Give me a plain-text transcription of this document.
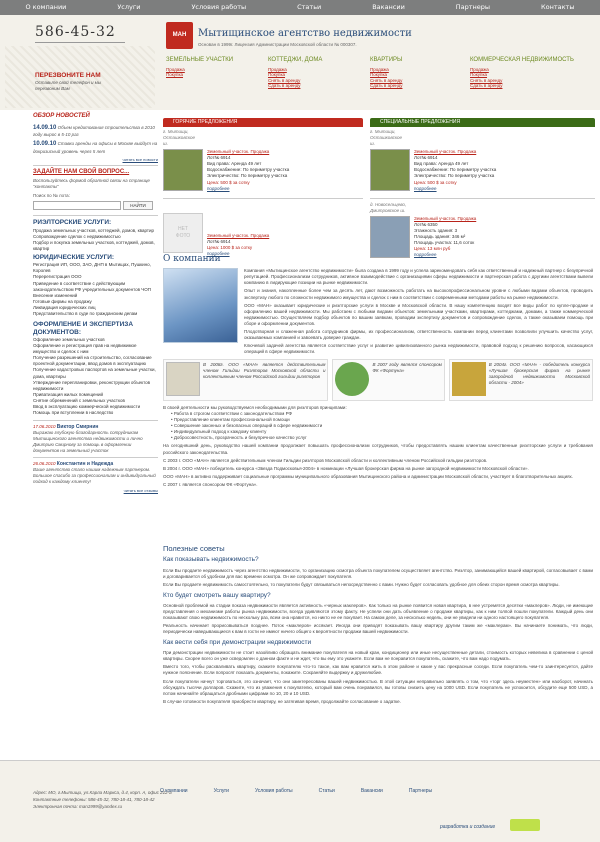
О компании	Услуги	Условия работы	Статьи	Вакансии	Партнеры	Контакты
586-45-32
ПЕРЕЗВОНИТЕ НАМ
Оставьте свой телефон и мы перезвоним Вам
МАН	Мытищинское агентство недвижимости
Основан в 1999г. Лицензия Администрации Московской области № 000307.
ЗЕМЕЛЬНЫЕ УЧАСТКИ
Продажа
Покупка
КОТТЕДЖИ, ДОМА
Продажа
Покупка
Снять в аренду
Сдать в аренду
КВАРТИРЫ
Продажа
Покупка
Снять в аренду
Сдать в аренду
КОММЕРЧЕСКАЯ НЕДВИЖИМОСТЬ
Продажа
Покупка
Снять в аренду
Сдать в аренду
ОБЗОР НОВОСТЕЙ
14.09.10 Объем кредитования строительства в 2010 году вырос в 5-10 раз
10.09.10 Ставки аренды на офисы в Москве выйдут на докризисный уровень через 5 лет
читать все новости
ЗАДАЙТЕ НАМ СВОЙ ВОПРОС...
Воспользуйтесь формой обратной связи на странице "контакты"
Поиск по № лота:
НАЙТИ
РИЭЛТОРСКИЕ УСЛУГИ:
Продажа земельных участков, коттеджей, домов, квартир
Сопровождение сделок с недвижимостью
Подбор и покупка земельных участков, коттеджей, домов, квартир
ЮРИДИЧЕСКИЕ УСЛУГИ:
Регистрация ИП, ООО, ЗАО, ДНП в Мытищах, Пушкино, Королев
Перерегистрация ООО
Приведение в соответствие с действующим законодательством РФ учредительных документов ЧОП
Внесение изменений
Готовые фирмы на продажу
Ликвидация юридических лиц
Представительство в суде по гражданским делам
ОФОРМЛЕНИЕ И ЭКСПЕРТИЗА ДОКУМЕНТОВ:
Оформление земельных участков
Оформление и регистрация прав на недвижимое имущество и сделок с ним
Получение разрешений на строительство, согласование проектной документации, ввод домов в эксплуатацию
Получение кадастровых паспортов на земельные участки, дома, квартиры
Утверждение перепланировки, реконструкции объектов недвижимости
Приватизация жилых помещений
Снятие обременений с земельных участков
Ввод в эксплуатацию коммерческой недвижимости
Помощь при вступлении в наследство
17.06.2010 Виктор Смирнин
Выражаю глубокую благодарность сотрудникам Мытищинского агентства недвижимости и лично Дмитрию Смирнову за помощь в оформлении документов на земельный участок
26.06.2010 Константин и Надежда
Ваше агентство стало нашим надежным партнером. Большое спасибо за профессионализм и индивидуальный подход к каждому клиенту!
читать все отзывы
ГОРЯЧИЕ ПРЕДЛОЖЕНИЯ
г. Мытищи, Осташковское ш.
Земельный участок. Продажа
Лот№ 6914
Вид права: Аренда 49 лет
Водоснабжение: По периметру участка
Электричество: По периметру участка
Цена: 500 $ за сотку
подробнее
НЕТ
ФОТО	Земельный участок. Продажа
Лот№ 6914
Цена: 1000 $ за сотку
подробнее
СПЕЦИАЛЬНЫЕ ПРЕДЛОЖЕНИЯ
г. Мытищи, Осташковское ш.
Земельный участок. Продажа
Лот№ 6914
Вид права: Аренда 49 лет
Водоснабжение: По периметру участка
Электричество: По периметру участка
Цена: 500 $ за сотку
подробнее
д. Новосельцево, Дмитровское ш.
Земельный участок. Продажа
Лот№ 6350
Этажность здания: 3
Площадь здания: 346 м²
Площадь участка: 11,6 соток
Цена: 13 млн руб
подробнее
О компании
Компания «Мытищинское агентство недвижимости» была создана в 1999 году и успела зарекомендовать себя как ответственный и надежный партнер с безупречной репутацией. Профессионализм сотрудников, активное взаимодействие с организациями сферы недвижимости и партнерская работа с другими агентствами вывели компанию в лидирующие позиции на рынке недвижимости.
Опыт и знания, накопленные более чем за десять лет, дают возможность работать на высокопрофессиональном уровне с любыми видами объектов, проводить экспертизу любого по сложности недвижимого имущества и сделок с ним в соответствии с современными методами работы на рынке недвижимости.
ООО «МАН» оказывает юридические и риэлторские услуги в Москве и Московской области. В нашу компетенцию входят все виды работ по купле-продаже и оформлению вашей недвижимости. Мы работаем с любыми видами объектов: земельными участками, квартирами, коттеджами, домами, а также коммерческой недвижимостью. Осуществляем подбор объектов по вашим заявкам, проводим экспертизу документов и сопровождение сделок, а также оказываем помощь при сборе и оформлении документов.
Плодотворная и слаженная работа сотрудников фирмы, их профессионализм, ответственность компании перед клиентами позволили улучшить качество услуг, оказываемых компанией и завоевать доверие граждан.
Ключевой задачей агентства является соответствие услуг и развитие цивилизованного рынка недвижимости, правовой подход к решению вопросов, касающихся операций в сфере недвижимости.
В 2008г. ООО «МАН» является действительным членом Гильдии Риэлторов Московской области и коллективным членом Российской гильдии риэлторов
В 2007 году являлся спонсором ФК «Фортуна»
В 2004г. ООО «МАН» - победитель конкурса «Лучшая брокерская фирма на рынке загородной недвижимости Московской области - 2004»
В своей деятельности мы руководствуемся необходимыми для риэлторов принципами:
• Работа в строгом соответствии с законодательством РФ
• Предоставление клиентам профессиональной помощи
• Совершение законных и безопасных операций в сфере недвижимости
• Индивидуальный подход к каждому клиенту
• Добросовестность, прозрачность и безупречное качество услуг
На сегодняшний день, руководство нашей компании продолжает повышать профессионализм сотрудников, чтобы предоставлять нашим клиентам качественные риэлторские услуги и требования российского законодательства.
С 2003 г. ООО «МАН» является действительным членом Гильдии риэлторов Московской области и коллективным членом Российской гильдии риэлторов.
В 2004 г. ООО «МАН» победитель конкурса «Звезда Подмосковья-2004» в номинации «Лучшая брокерская фирма на рынке загородной недвижимости Московской области».
ООО «МАН» в активно поддерживает социальные программы муниципального образования Мытищинского района и администрации Московской области, участвует в благотворительных акциях.
С 2007 г. является спонсором ФК «Фортуна».
Полезные советы
Как показывать недвижимость?
Если Вы продаете недвижимость через агентство недвижимости, то организацию осмотра объекта покупателем осуществляет агентство. Риэлтор, занимающийся вашей квартирой, согласовывает с вами и договаривается об удобном для вас времени осмотра. Он же сопровождает покупателя.
Если Вы продаете недвижимость самостоятельно, то покупатели будут связываться непосредственно с вами. Нужно будет согласовать удобное для обеих сторон время осмотра квартиры.
Кто будет смотреть вашу квартиру?
Основной проблемой на стадии показа недвижимости является активность «черных маклеров». Как только на рынке появится новая квартира, в нее устремятся десятки «маклеров». Люди, не имеющие представления о механизме работы рынка недвижимости, всегда удивляются этому факту. Не успели они дать объявление о продаже квартиры, как к ним толпой пошли покупатели. Каждый день они показывают свою недвижимость по нескольку раз, всем она нравится, но никто не ее покупает. На самом деле, за несколько недель, они не увидели ни одного настоящего покупателя.
Реальность начинает прорисовываться позднее. Поток «маклеров» иссякает. Иногда они приводят показывать вашу квартиру другим таким же «маклерам». Вы начинаете понимать, что люди, периодически наведывающиеся к вам в гости не имеют ничего общего к вероятности продажи вашей недвижимости.
Как вести себя при демонстрации недвижимости
При демонстрации недвижимости не стоит назойливо обращать внимание покупателя на новый кран, кондиционер или иные несущественные детали, стоимость которых невелика в сравнении с ценой квартиры. Скорее всего он уже осведомлен о данном факте и не ждет, что вы ему это укажете. Если вам не понравится покупатель, скажите, что вам надо подумать.
Вместо того, чтобы расхваливать квартиру, скажите покупателю что-то такое, как вам нравится жить в этом районе и какие у вас прекрасные соседи. Если покупатель чем-то заинтересуется, дайте нужное пояснение. Если попросят показать документы, покажите. Сохраняйте выдержку и дружелюбие.
Если покупатели начнут торговаться, это означает, что они заинтересованы вашей недвижимостью. В этой ситуации неправильно заявлять о том, что «торг здесь неуместен» или наоборот, начинать обсуждать тысячи долларов. Скажите, что из уважения к покупателю, который вам очень понравился, вы готовы снизить цену на 1000 USD. Если покупатель не успокоится, обсудите еще 500 USD, а потом начинайте обращаться дробными цифрами по 10, 20 и 10 USD.
В случае готовности покупателя приобрести квартиру, не затягивая время, продолжайте согласование о задатке.
Адрес: МО, г.Мытищи, ул.Карла Маркса, д.4, корп. А, офис 212-а
Контактные телефоны: 586-45-32, 780-18-41, 780-18-42
Электронная почта: man1999@yandex.ru
О компании	Услуги	Условия работы	Статьи	Вакансии	Партнеры
разработка и создание
